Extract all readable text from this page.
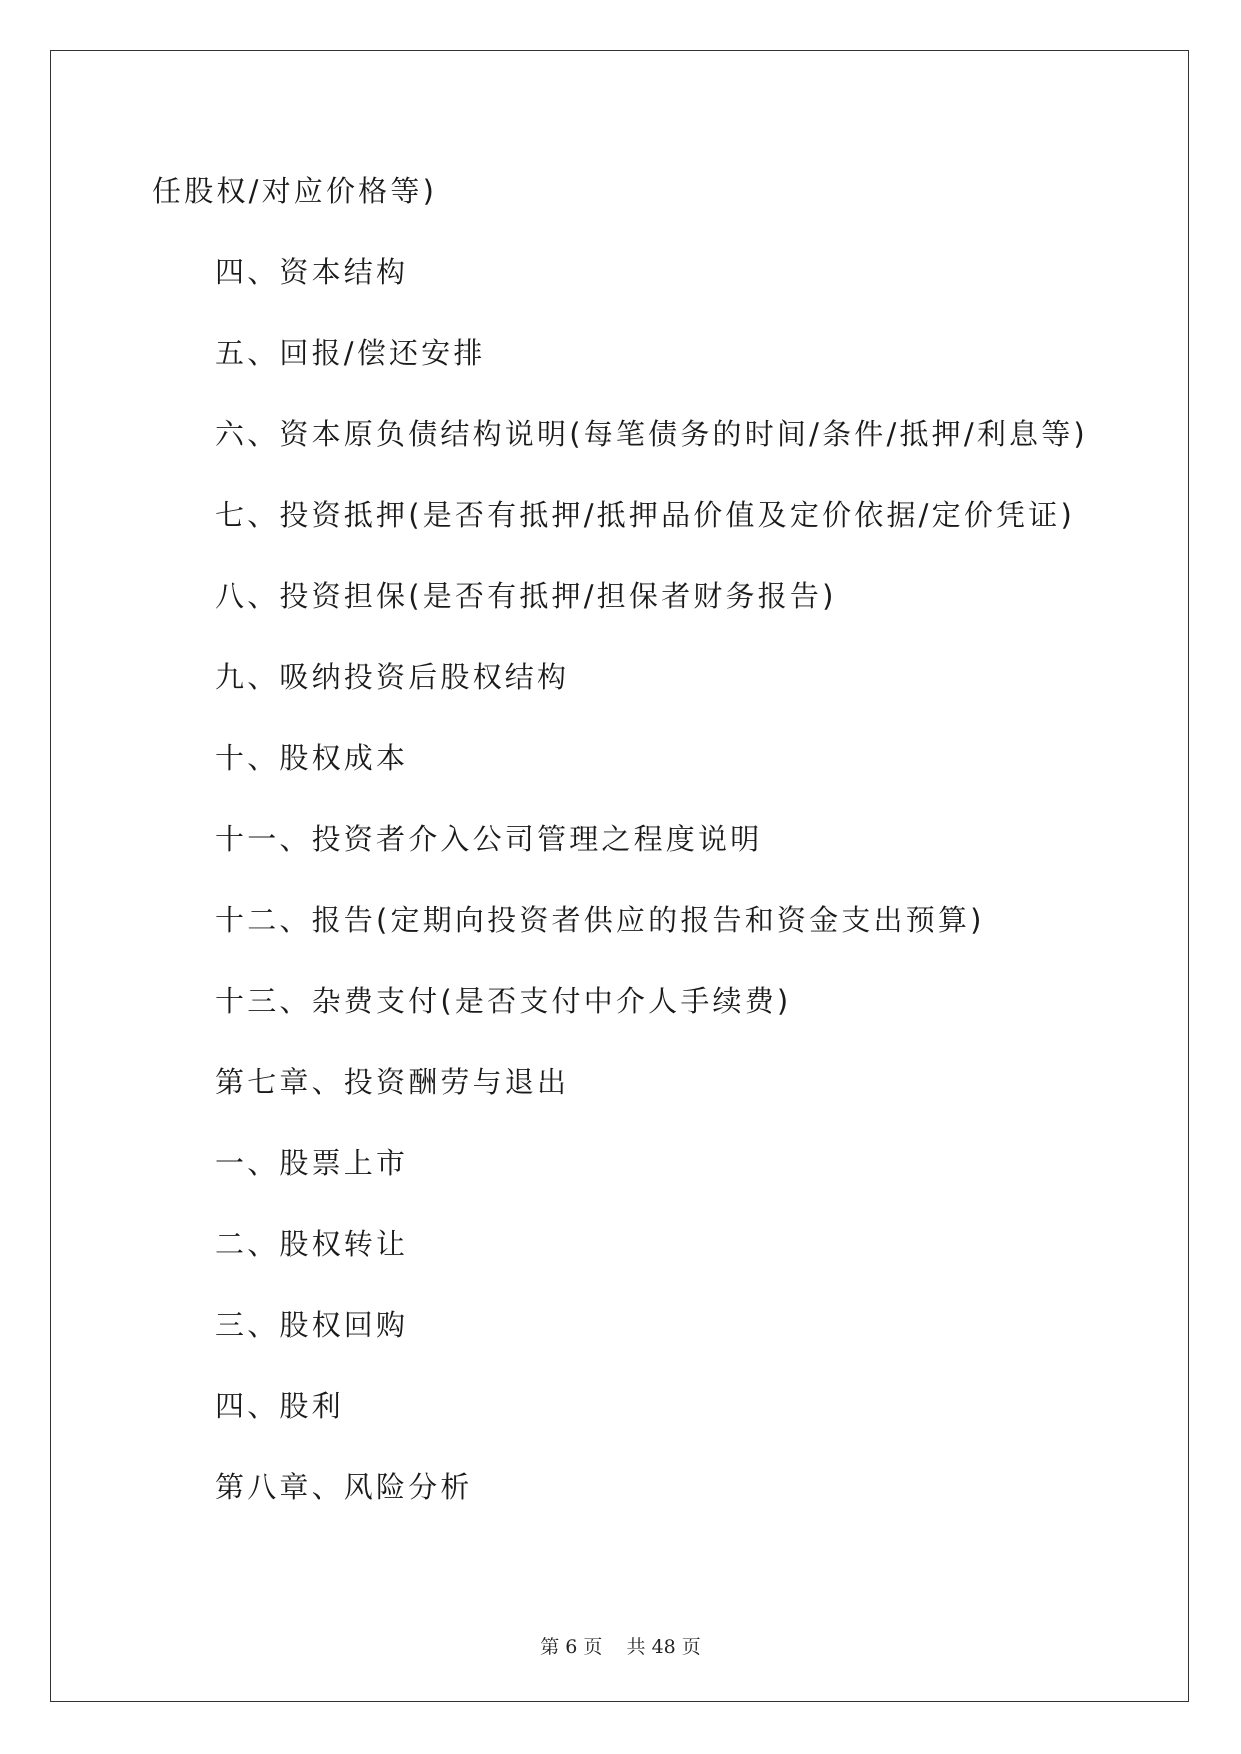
任股权/对应价格等)
四、资本结构
五、回报/偿还安排
六、资本原负债结构说明(每笔债务的时间/条件/抵押/利息等)
七、投资抵押(是否有抵押/抵押品价值及定价依据/定价凭证)
八、投资担保(是否有抵押/担保者财务报告)
九、吸纳投资后股权结构
十、股权成本
十一、投资者介入公司管理之程度说明
十二、报告(定期向投资者供应的报告和资金支出预算)
十三、杂费支付(是否支付中介人手续费)
第七章、投资酬劳与退出
一、股票上市
二、股权转让
三、股权回购
四、股利
第八章、风险分析
第 6 页 共 48 页
